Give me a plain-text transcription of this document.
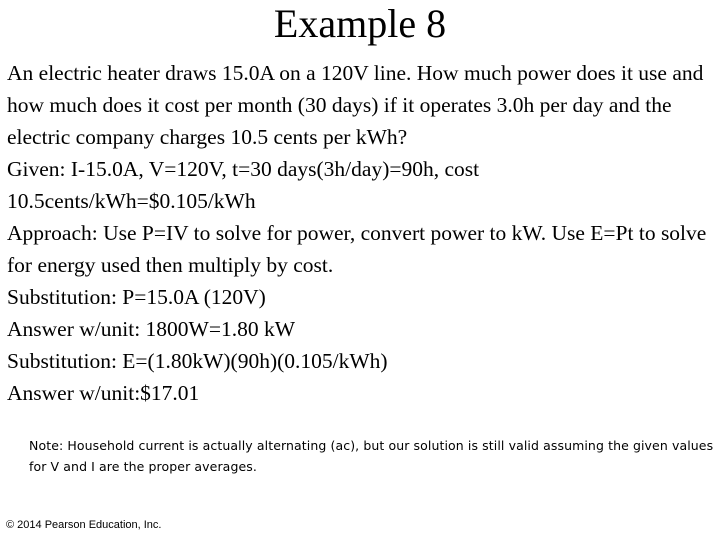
Example 8

An electric heater draws 15.0A on a 120V line. How much power does it use and how much does it cost per month (30 days) if it operates 3.0h per day and the electric company charges 10.5 cents per kWh?

Given: I-15.0A, V=120V, t=30 days(3h/day)=90h, cost 10.5cents/kWh=$0.105/kWh

Approach: Use P=IV to solve for power, convert power to kW. Use E=Pt to solve for energy used then multiply by cost.

Substitution: P=15.0A (120V)

Answer w/unit: 1800W=1.80 kW

Substitution: E=(1.80kW)(90h)(0.105/kWh)

Answer w/unit:$17.01

Note: Household current is actually alternating (ac), but our solution is still valid assuming the given values for V and I are the proper averages.
© 2014 Pearson Education, Inc.
